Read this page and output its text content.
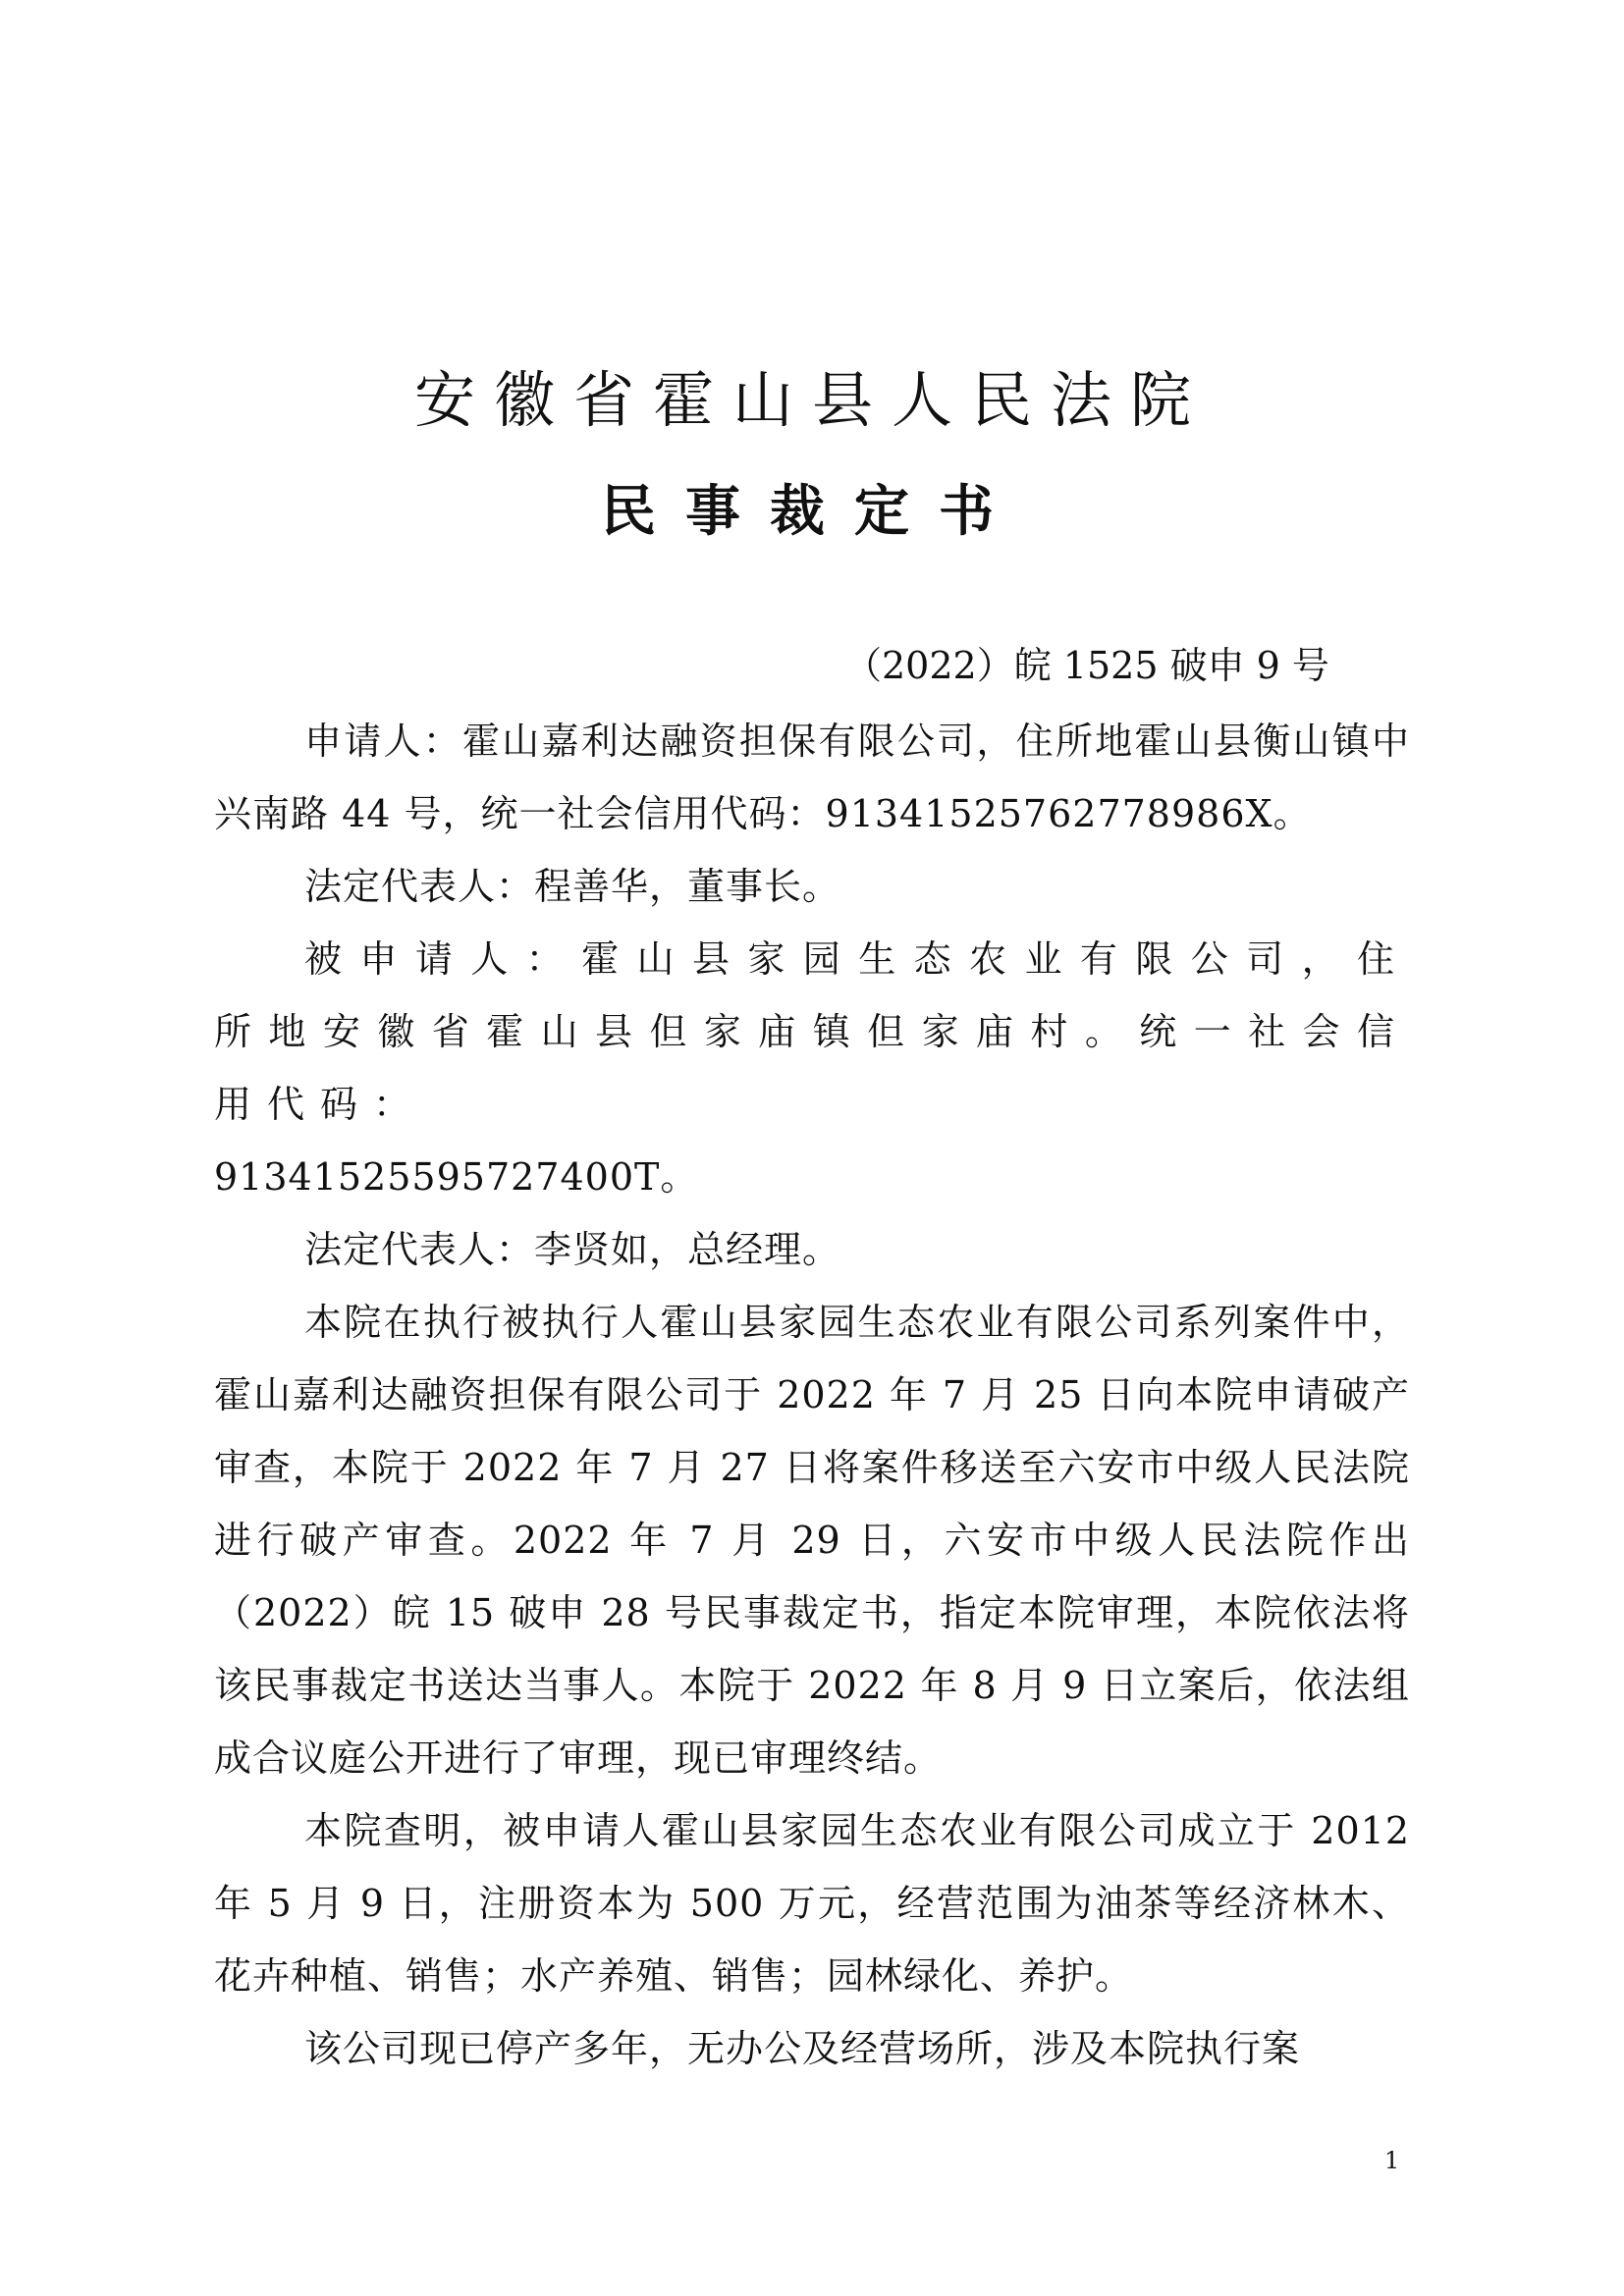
安徽省霍山县人民法院
民事裁定书
（2022）皖 1525 破申 9 号

申请人：霍山嘉利达融资担保有限公司，住所地霍山县衡山镇中兴南路 44 号，统一社会信用代码：9134152576277898​6X。

法定代表人：程善华，董事长。

被申请人：霍山县家园生态农业有限公司，住所地安徽省霍山县但家庙镇但家庙村。统一社会信用代码：

9134152559572740​0T。

法定代表人：李贤如，总经理。

本院在执行被执行人霍山县家园生态农业有限公司系列案件中，霍山嘉利达融资担保有限公司于 2022 年 7 月 25 日向本院申请破产审查，本院于 2022 年 7 月 27 日将案件移送至六安市中级人民法院进行破产审查。2022 年 7 月 29 日，六安市中级人民法院作出（2022）皖 15 破申 28 号民事裁定书，指定本院审理，本院依法将该民事裁定书送达当事人。本院于 2022 年 8 月 9 日立案后，依法组成合议庭公开进行了审理，现已审理终结。

本院查明，被申请人霍山县家园生态农业有限公司成立于 2012 年 5 月 9 日，注册资本为 500 万元，经营范围为油茶等经济林木、花卉种植、销售；水产养殖、销售；园林绿化、养护。

该公司现已停产多年，无办公及经营场所，涉及本院执行案

1
